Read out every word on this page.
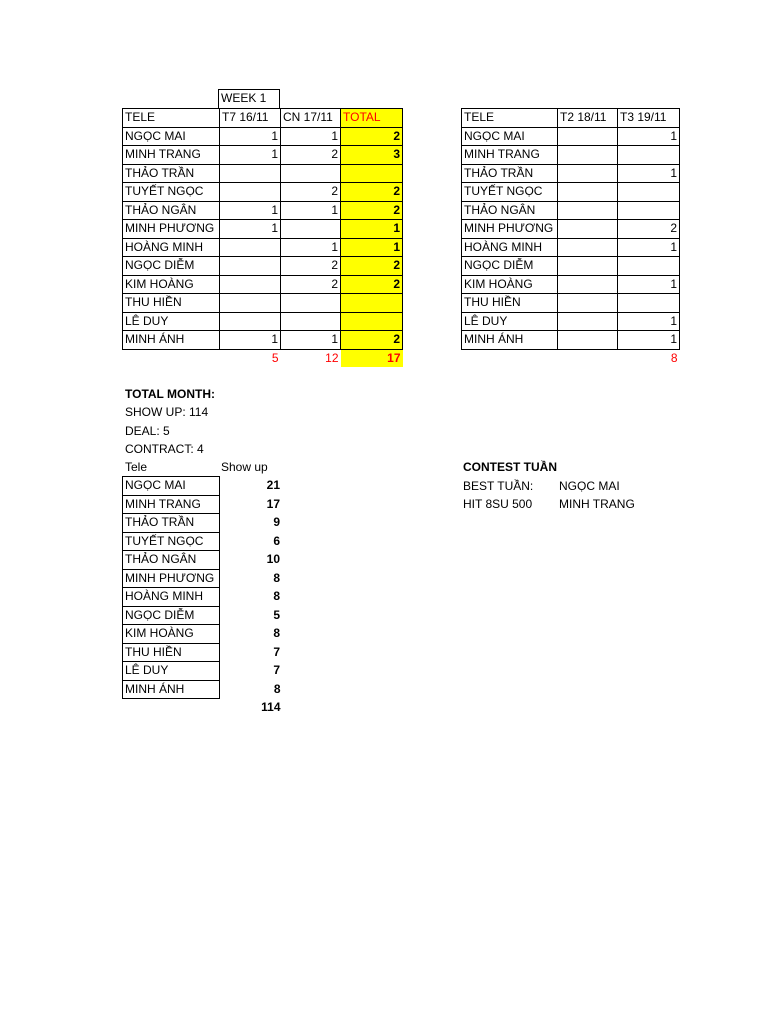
WEEK 1
TELE	T7 16/11	CN 17/11	TOTAL
NGỌC MAI	1	1	2
MINH TRANG	1	2	3
THẢO TRẦN			
TUYẾT NGỌC		2	2
THẢO NGÂN	1	1	2
MINH PHƯƠNG	1		1
HOÀNG MINH		1	1
NGỌC DIỄM		2	2
KIM HOÀNG		2	2
THU HIỀN			
LÊ DUY			
MINH ÁNH	1	1	2
	5	12	17
TELE	T2 18/11	T3 19/11
NGỌC MAI		1
MINH TRANG		
THẢO TRẦN		1
TUYẾT NGỌC		
THẢO NGÂN		
MINH PHƯƠNG		2
HOÀNG MINH		1
NGỌC DIỄM		
KIM HOÀNG		1
THU HIỀN		
LÊ DUY		1
MINH ÁNH		1
		8
TOTAL MONTH:
SHOW UP: 114
DEAL: 5
CONTRACT: 4
Tele	Show up
NGỌC MAI	21
MINH TRANG	17
THẢO TRẦN	9
TUYẾT NGỌC	6
THẢO NGÂN	10
MINH PHƯƠNG	8
HOÀNG MINH	8
NGỌC DIỄM	5
KIM HOÀNG	8
THU HIỀN	7
LÊ DUY	7
MINH ÁNH	8
	114
CONTEST TUẦN
BEST TUẦN: NGỌC MAI
HIT 8SU 500 MINH TRANG
